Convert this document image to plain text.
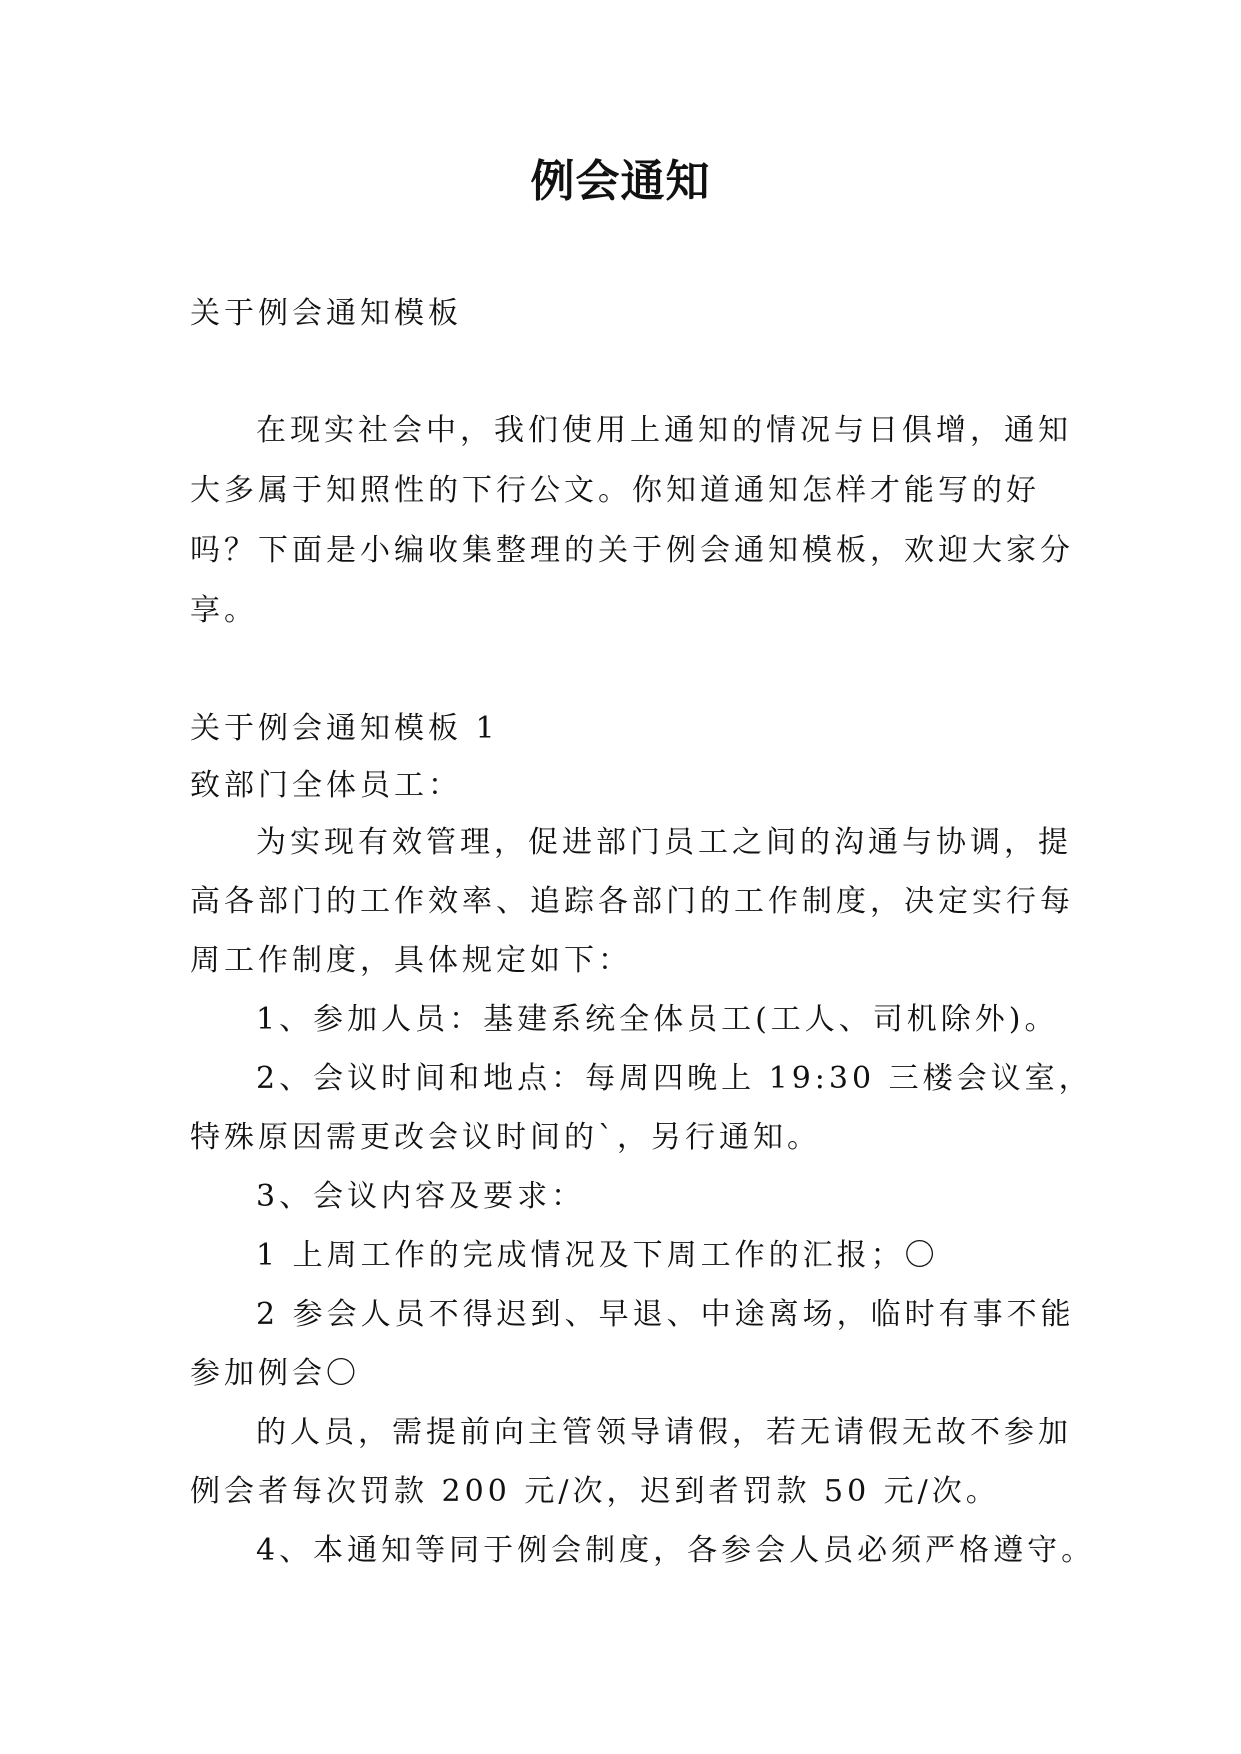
例会通知

关于例会通知模板

在现实社会中，我们使用上通知的情况与日俱增，通知

大多属于知照性的下行公文。你知道通知怎样才能写的好

吗？下面是小编收集整理的关于例会通知模板，欢迎大家分

享。

关于例会通知模板 1

致部门全体员工：

为实现有效管理，促进部门员工之间的沟通与协调，提

高各部门的工作效率、追踪各部门的工作制度，决定实行每

周工作制度，具体规定如下：

1、参加人员：基建系统全体员工(工人、司机除外)。

2、会议时间和地点：每周四晚上 19:30 三楼会议室，

特殊原因需更改会议时间的`，另行通知。

3、会议内容及要求：

1 上周工作的完成情况及下周工作的汇报；〇

2 参会人员不得迟到、早退、中途离场，临时有事不能

参加例会〇

的人员，需提前向主管领导请假，若无请假无故不参加

例会者每次罚款 200 元/次，迟到者罚款 50 元/次。

4、本通知等同于例会制度，各参会人员必须严格遵守。
